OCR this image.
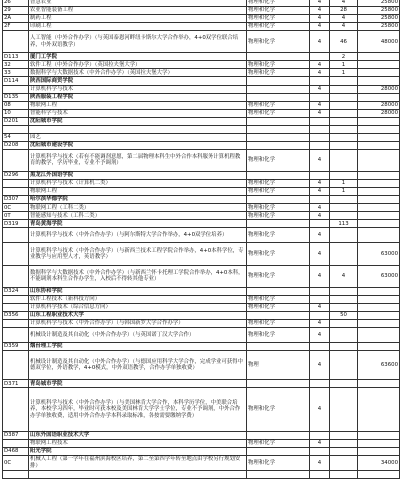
26	智慧农业	物理和化学	4	4	25800
29	农业智能装备工程	物理和化学	4	28	25800
2A	制药工程	物理和化学	4	4	25800
2F	印刷工程	物理和化学	4	4	25800
	人工智能（中外合作办学）（与英国泰恩河畔纽卡斯尔大学合作举办，4+0双学位联合培养，中外双语教学）	物理和化学	4	46	48000
D113	厦门工学院			2	
32	软件工程（中外合作办学）（英国拉夫堡大学）	物理和化学	4	1	
33	数据科学与大数据技术（中外合作办学）（英国拉夫堡大学）	物理和化学	4	1	
D114	陕西国际商贸学院				
	计算机科学与技术		4		28000
D135	陕西服装工程学院				
08	物联网工程	物理和化学	4		28000
10	智能科学与技术	物理和化学	4		28000
D201	沈阳城市学院				

54	园艺				
D208	沈阳城市建设学院				
	计算机科学与技术（若有不能调剂意愿，第二届物理本科生中外合作本科服务计算机程教育的教学，学历毕业，专业不予调剂）	物理和化学	4		
D296	黑龙江外国语学院				
	计算机科学与技术（计算机二类）	物理和化学	4	1	
	物联网工程	物理和化学	4	1	
D307	哈尔滨华德学院				
0C	物联网工程（工科二类）	物理和化学	4		
0T	智能感知与技术（工科二类）	物理和化学	4		
D319	青岛黄海学院			113	
	计算机科学与技术（中外合作办学）（与阿尔斯特大学合作举办，4+0双学位培养）	物理和化学	4		
	计算机科学与技术（中外合作办学）（与新西兰技术工程学院合作举办，4+0本科学位，专业教学与应用型人才，英语教学）	物理和化学	4		63000
	数据科学与大数据技术（中外合作办学）（与新西兰怀卡托理工学院合作举办，4+0本科，不能调剂本科生合作办学生，入校后不得转其他专业）	物理和化学	4	4	63000
D324	山东协和学院				
	软件工程技术（新科技方向）	物理和化学			
	计算机科学技术（综合信息方向）	物理和化学	4		
D356	山东工程职业技术大学			50	
	计算机科学与技术（中外合作办学）（与韩国新罗大学合作办学）	物理和化学	4		
	机械设计制造及其自动化（中外合作办学）（与英国诺丁汉大学合作）	物理和化学	4		
D359	烟台理工学院				
	机械设计制造及其自动化（中外合作办学）（与德国应用科学大学合作，完成学业可获得中德双学位，外语教学，4+0模式，中外双语教学，合作办学单独收费）	物理	4		63600
D371	青岛城市学院				
	计算机科学与技术（中外合作办学）（与美国林肯大学合作，本科学历学位，中美联合培养，本校学习四年，毕业时可获本校及美国林肯大学学士学位，专业不予调剂，中外合作办学单独收费，适用中外合作办学本科录取标准，各按需要缴纳学费）	物理和化学	4		
D387	山东外国语职业技术大学				
	物联网工程技术	物理和化学	4		
D468	阳光学院				
0C	机械人工程（第一学年在福州滨海校区培养，第二至第四学年转至地点由学校另行规划安排）	物理和化学	4		34000
